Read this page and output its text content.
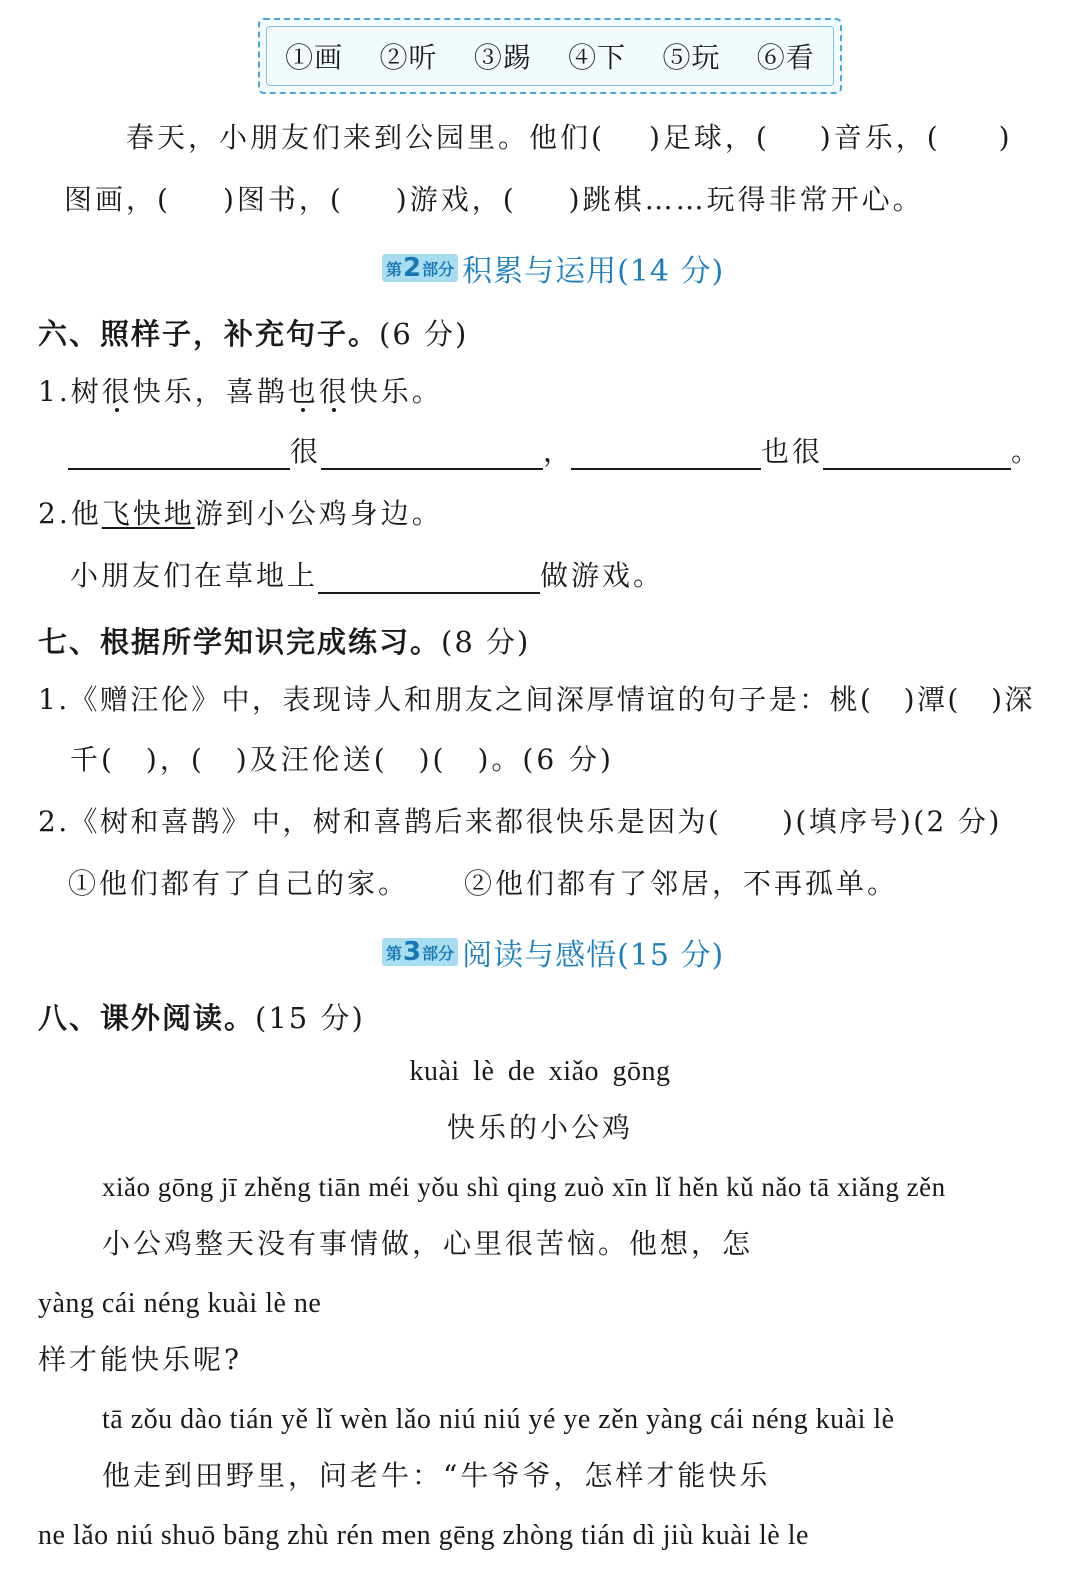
①画 ②听 ③踢 ④下 ⑤玩 ⑥看
春天，小朋友们来到公园里。他们( )足球，( )音乐，( )
图画，( )图书，( )游戏，( )跳棋……玩得非常开心。
第 2 部分 积累与运用(14 分)
六、照样子，补充句子。(6 分)
1.树很快乐，喜鹊也很快乐。
很	，	也很	。
2.他飞快地游到小公鸡身边。
小朋友们在草地上	做游戏。
七、根据所学知识完成练习。(8 分)
1.《赠汪伦》中，表现诗人和朋友之间深厚情谊的句子是：桃(　)潭(　)深
千(　)，(　)及汪伦送(　)(　)。(6 分)
2.《树和喜鹊》中，树和喜鹊后来都很快乐是因为(　　)(填序号)(2 分)
①他们都有了自己的家。 ②他们都有了邻居，不再孤单。
第 3 部分 阅读与感悟(15 分)
八、课外阅读。(15 分)
kuài lè de xiǎo gōng
快乐的小公鸡
xiǎo gōng jī zhěng tiān méi yǒu shì qing zuò xīn lǐ hěn kǔ nǎo tā xiǎng zěn
小公鸡整天没有事情做，心里很苦恼。他想，怎
yàng cái néng kuài lè ne
样才能快乐呢?
tā zǒu dào tián yě lǐ wèn lǎo niú niú yé ye zěn yàng cái néng kuài lè
他走到田野里，问老牛：“牛爷爷，怎样才能快乐
ne lǎo niú shuō bāng zhù rén men gēng zhòng tián dì jiù kuài lè le
